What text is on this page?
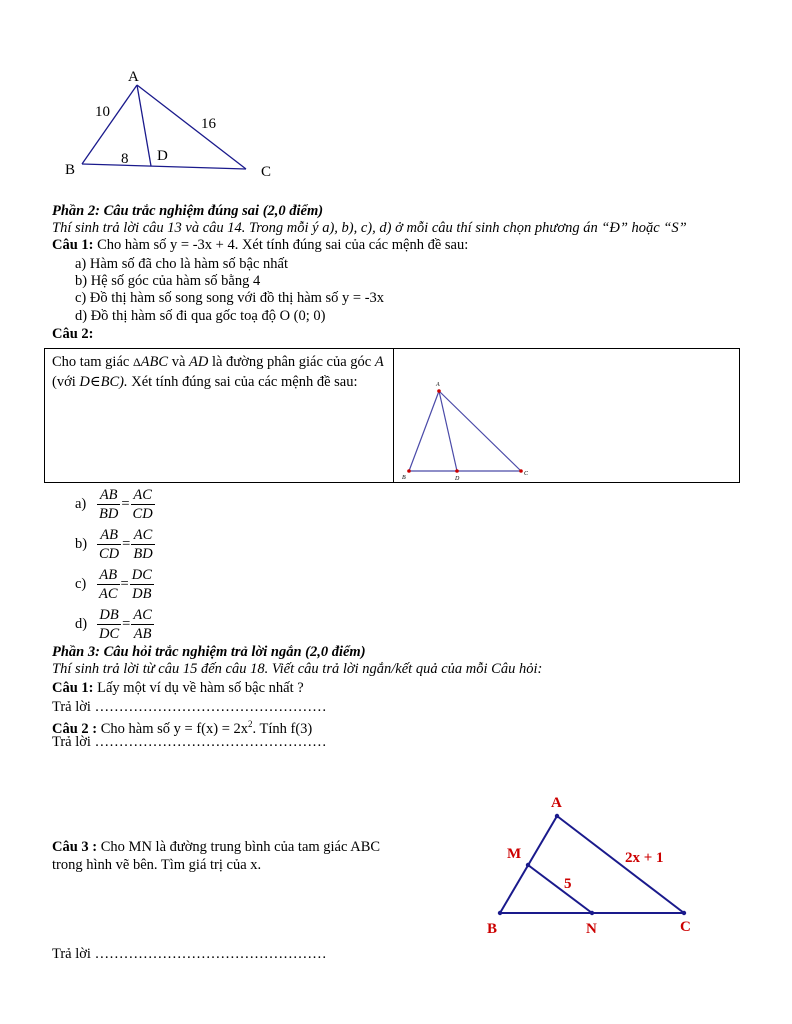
A
B	C
D
10
16
8
Phần 2: Câu trắc nghiệm đúng sai (2,0 điểm)
Thí sinh trả lời câu 13 và câu 14. Trong mỗi ý a), b), c), d) ở mỗi câu thí sinh chọn phương án “Đ” hoặc “S”
Câu 1: Cho hàm số y = -3x + 4. Xét tính đúng sai của các mệnh đề sau:
a) Hàm số đã cho là hàm số bậc nhất
b) Hệ số góc của hàm số bằng 4
c) Đồ thị hàm số song song với đồ thị hàm số y = -3x
d) Đồ thị hàm số đi qua gốc toạ độ O (0; 0)
Câu 2:
Cho tam giác ΔABC và AD là đường phân giác của góc A (với D∈BC). Xét tính đúng sai của các mệnh đề sau:	A
B	D
C
$a) \frac{AB}{BD} = \frac{AC}{CD}$
$b) \frac{AB}{CD} = \frac{AC}{BD}$
$c) \frac{AB}{AC} = \frac{DC}{DB}$
$d) \frac{DB}{DC} = \frac{AC}{AB}$
Phần 3: Câu hỏi trắc nghiệm trả lời ngắn (2,0 điểm)
Thí sinh trả lời từ câu 15 đến câu 18. Viết câu trả lời ngắn/kết quả của mỗi Câu hỏi:
Câu 1: Lấy một ví dụ về hàm số bậc nhất ?
Trả lời …………………………………………
Câu 2 : Cho hàm số $y = f(x) = 2x^2$. Tính f(3)
Trả lời …………………………………………
Câu 3 : Cho MN là đường trung bình của tam giác ABC
trong hình vẽ bên. Tìm giá trị của x.
Trả lời …………………………………………
A
M
5
2x + 1
B	N	C
